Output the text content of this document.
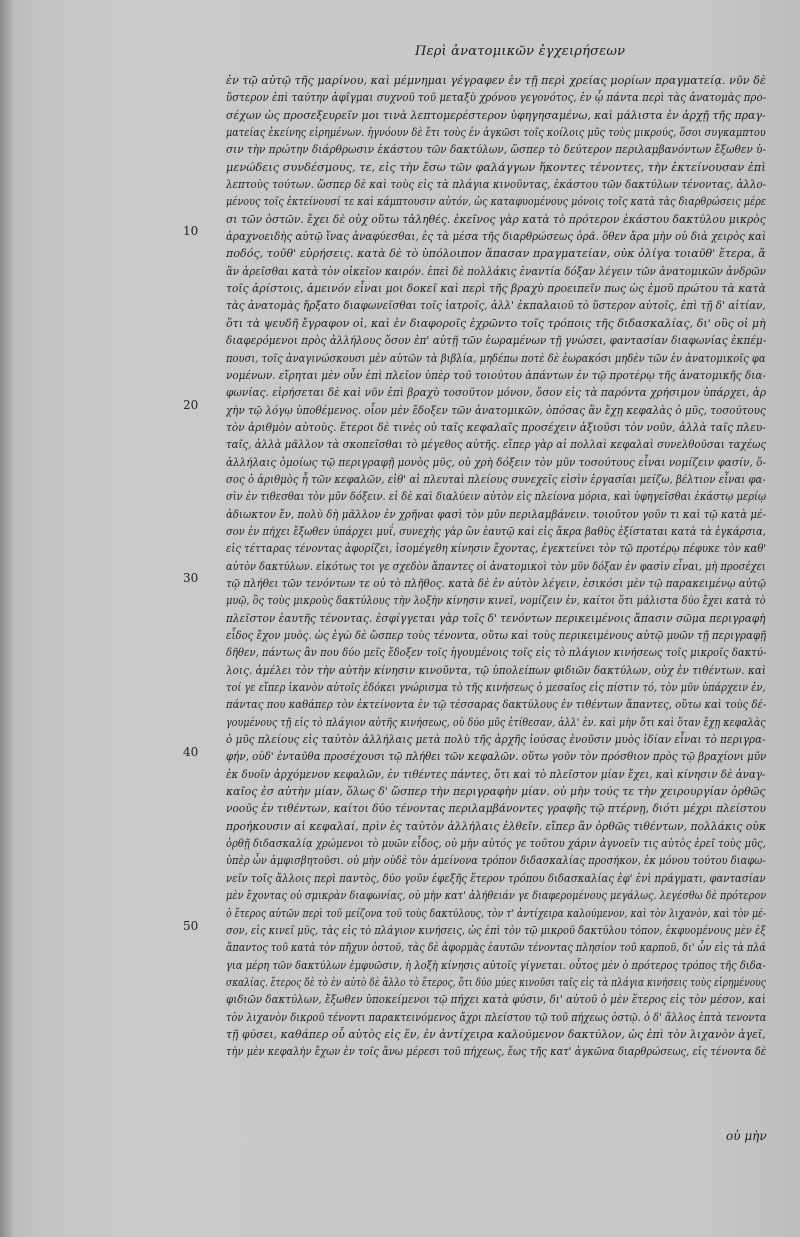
Περὶ ἀνατομικῶν ἐγχειρήσεων
10
20
30
40
50
ἐν τῷ αὐτῷ τῆς μαρίνου, καὶ μέμνημαι γέγραφεν ἐν τῇ περὶ χρείας μορίων πραγματείᾳ. νῦν δὲ
ὕστερον ἐπὶ ταύτην ἀφῖγμαι συχνοῦ τοῦ μεταξὺ χρόνου γεγονότος, ἐν ᾧ πάντα περὶ τὰς ἀνατομὰς προ-
σέχων ὡς προσεξευρεῖν μοι τινὰ λεπτομερέστερον ὑφηγησαμένω, καὶ μάλιστα ἐν ἀρχῇ τῆς πραγ-
ματείας ἐκείνης εἰρημένων. ἠγνόουν δὲ ἔτι τοὺς ἐν ἀγκῶσι τοῖς κοίλοις μῦς τοὺς μικρούς, ὅσοι συγκαμπτου
σιν τὴν πρώτην διάρθρωσιν ἑκάστου τῶν δακτύλων, ὥσπερ τὸ δεύτερον περιλαμβανόντων ἔξωθεν ὑ-
μενώδεις συνδέσμους, τε, εἰς τὴν ἔσω τῶν φαλάγγων ἥκοντες τένοντες, τὴν ἐκτείνουσαν ἐπὶ
λεπτοὺς τούτων. ὥσπερ δὲ καὶ τοὺς εἰς τὰ πλάγια κινοῦντας, ἑκάστου τῶν δακτύλων τένοντας, ἀλλο-
μένους τοῖς ἐκτείνουσί τε καὶ κάμπτουσιν αὐτόν, ὡς καταφυομένους μόνοις τοῖς κατὰ τὰς διαρθρώσεις μέρε
σι τῶν ὀστῶν. ἔχει δὲ οὐχ οὕτω τἀληθές. ἐκεῖνος γὰρ κατὰ τὸ πρότερον ἑκάστου δακτύλου μικρὸς
ἀραχνοειδὴς αὐτῷ ἴνας ἀναφύεσθαι, ἐς τὰ μέσα τῆς διαρθρώσεως ὁρᾶ. ὅθεν ἄρα μὴν οὐ διὰ χειρὸς καὶ
ποδός, τοῦθ' εὑρήσεις. κατὰ δὲ τὸ ὑπόλοιπον ἅπασαν πραγματείαν, οὐκ ὀλίγα τοιαῦθ' ἕτερα, ἅ
ἂν ἀρεῖσθαι κατὰ τὸν οἰκεῖον καιρόν. ἐπεὶ δὲ πολλάκις ἐναντία δόξαν λέγειν τῶν ἀνατομικῶν ἀνδρῶν
τοῖς ἀρίστοις, ἀμεινόν εἶναι μοι δοκεῖ καὶ περὶ τῆς βραχὺ προειπεῖν πως ὡς ἐμοῦ πρώτου τὰ κατὰ
τὰς ἀνατομὰς ἤρξατο διαφωνεῖσθαι τοῖς ἰατροῖς, ἀλλ' ἐκπαλαιοῦ τὸ ὕστερον αὐτοῖς, ἐπὶ τῇ δ' αἰτίαν,
ὅτι τὰ ψευδῆ ἔγραφον οἱ, καὶ ἐν διαφοροῖς ἐχρῶντο τοῖς τρόποις τῆς διδασκαλίας, δι' οὓς οἱ μὴ
διαφερόμενοι πρὸς ἀλλήλους ὅσον ἐπ' αὐτῇ τῶν ἑωραμένων τῇ γνώσει, φαντασίαν διαφωνίας ἐκπέμ-
πουσι, τοῖς ἀναγινώσκουσι μὲν αὐτῶν τὰ βιβλία, μηδέπω ποτὲ δὲ ἑωρακόσι μηδὲν τῶν ἐν ἀνατομικοῖς φα
νομένων. εἴρηται μὲν οὖν ἐπὶ πλεῖον ὑπὲρ τοῦ τοιούτου ἁπάντων ἐν τῷ προτέρῳ τῆς ἀνατομικῆς δια-
φωνίας. εἰρήσεται δὲ καὶ νῦν ἐπὶ βραχὺ τοσοῦτον μόνον, ὅσον εἰς τὰ παρόντα χρήσιμον ὑπάρχει, ἀρ
χὴν τῷ λόγῳ ὑποθέμενος. οἷον μὲν ἔδοξεν τῶν ἀνατομικῶν, ὁπόσας ἂν ἔχῃ κεφαλὰς ὁ μῦς, τοσούτους
τὸν ἀριθμὸν αὐτοὺς. ἕτεροι δὲ τινὲς οὐ ταῖς κεφαλαῖς προσέχειν ἀξιοῦσι τὸν νοῦν, ἀλλὰ ταῖς πλευ-
ταῖς, ἀλλὰ μᾶλλον τὰ σκοπεῖσθαι τὸ μέγεθος αὐτῆς. εἴπερ γὰρ αἱ πολλαὶ κεφαλαὶ συνελθοῦσαι ταχέως
ἀλλήλαις ὁμοίως τῷ περιγραφῇ μονὸς μῦς, οὐ χρὴ δόξειν τὸν μῦν τοσούτους εἶναι νομίζειν φασίν, ὅ-
σος ὁ ἀριθμὸς ἦ τῶν κεφαλῶν, εἰθ' αἱ πλευταὶ πλείους συνεχεῖς εἰσὶν ἐργασίαι μείζω, βέλτιον εἶναι φα-
σὶν ἐν τιθεσθαι τὸν μῦν δόξειν. εἰ δὲ καὶ διαλύειν αὐτὸν εἰς πλείονα μόρια, καὶ ὑφηγεῖσθαι ἑκάστῳ μερίῳ
ἀδιωκτον ἔν, πολὺ δὴ μᾶλλον ἐν χρῆναι φασὶ τὸν μῦν περιλαμβάνειν. τοιοῦτον γοῦν τι καὶ τῷ κατὰ μέ-
σον ἐν πήχει ἔξωθεν ὑπάρχει μυΐ, συνεχὴς γὰρ ὢν ἑαυτῷ καὶ εἰς ἄκρα βαθὺς ἐξίσταται κατὰ τὰ ἐγκάρσια,
εἰς τέτταρας τένοντας ἀφορίζει, ἰσομέγεθη κίνησιν ἔχοντας, ἐγεκτείνει τὸν τῷ προτέρῳ πέφυκε τὸν καθ'
αὐτὸν δακτύλων. εἰκότως τοι γε σχεδὸν ἅπαντες οἱ ἀνατομικοὶ τὸν μῦν δόξαν ἐν φασὶν εἶναι, μὴ προσέχει
τῷ πλήθει τῶν τενόντων τε οὐ τὸ πλῆθος. κατὰ δὲ ἐν αὐτὸν λέγειν, ἐσικόσι μὲν τῷ παρακειμένῳ αὐτῷ
μυῷ, ὃς τοὺς μικροὺς δακτύλους τὴν λοξὴν κίνησιν κινεῖ, νομίζειν ἐν, καίτοι ὅτι μάλιστα δύο ἔχει κατὰ τὸ
πλεῖστον ἑαυτῆς τένοντας. ἐσφίγγεται γὰρ τοῖς δ' τενόντων περικειμένοις ἅπασιν σῶμα περιγραφὴ
εἶδος ἔχον μυὸς. ὡς ἐγὼ δὲ ὥσπερ τοὺς τένοντα, οὕτω καὶ τοὺς περικειμένους αὐτῷ μυῶν τῇ περιγραφῇ
δῆθεν, πάντως ἂν που δύο μεῖς ἔδοξεν τοῖς ἡγουμένοις τοῖς εἰς τὸ πλάγιον κινήσεως τοῖς μικροῖς δακτύ-
λοις. ἀμέλει τὸν τὴν αὐτὴν κίνησιν κινοῦντα, τῷ ὑπολείπων φιδιῶν δακτύλων, οὐχ ἐν τιθέντων. καὶ
τοί γε εἴπερ ἱκανὸν αὐτοῖς ἐδόκει γνώρισμα τὸ τῆς κινήσεως ὁ μεσαῖος εἰς πίστιν τό, τὸν μῦν ὑπάρχειν ἐν,
πάντας που καθάπερ τὸν ἐκτείνοντα ἐν τῷ τέσσαρας δακτύλους ἐν τιθέντων ἅπαντες, οὕτω καὶ τοὺς δέ-
γουμένους τῇ εἰς τὸ πλάγιον αὐτῆς κινήσεως, οὐ δύο μῦς ἐτίθεσαν, ἀλλ' ἐν. καὶ μὴν ὅτι καὶ ὅταν ἔχῃ κεφαλὰς
ὁ μῦς πλείους εἰς ταὐτὸν ἀλλήλαις μετὰ πολὺ τῆς ἀρχῆς ἰούσας ἐνοῦσιν μυὸς ἰδίαν εἶναι τὸ περιγρα-
φήν, οὐδ' ἐνταῦθα προσέχουσι τῷ πλήθει τῶν κεφαλῶν. οὕτω γοῦν τὸν πρόσθιον πρὸς τῷ βραχίονι μῦν
ἐκ δυοῖν ἀρχόμενον κεφαλῶν, ἐν τιθέντες πάντες, ὅτι καὶ τὸ πλεῖστον μίαν ἔχει, καὶ κίνησιν δὲ ἀναγ-
καῖος ἐσ αὐτὴν μίαν, ὅλως δ' ὥσπερ τὴν περιγραφὴν μίαν. οὐ μὴν τούς τε τὴν χειρουργίαν ὀρθῶς
νοοῦς ἐν τιθέντων, καίτοι δύο τένοντας περιλαμβάνοντες γραφῆς τῷ πτέρνῃ, διότι μέχρι πλείστου
προήκουσιν αἱ κεφαλαί, πρὶν ἐς ταὐτὸν ἀλλήλαις ἐλθεῖν. εἴπερ ἂν ὀρθῶς τιθέντων, πολλάκις οὐκ
ὀρθῇ διδασκαλίᾳ χρώμενοι τὸ μυῶν εἶδος, οὐ μὴν αὐτός γε τοῦτου χάριν ἀγνοεῖν τις αὐτὸς ἐρεῖ τοὺς μῦς,
ὑπὲρ ὧν ἀμφισβητοῦσι. οὐ μὴν οὐδὲ τὸν ἀμείνονα τρόπον διδασκαλίας προσήκον, ἐκ μόνου τούτου διαφω-
νεῖν τοῖς ἄλλοις περὶ παντὸς, δύο γοῦν ἐφεξῆς ἕτερον τρόπου διδασκαλίας ἐφ' ἑνὶ πράγματι, φαντασίαν
μὲν ἔχοντας οὐ σμικρὰν διαφωνίας, οὐ μὴν κατ' ἀλήθειάν γε διαφερομένους μεγάλως. λεγέσθω δὲ πρότερον
ὁ ἕτερος αὐτῶν περὶ τοῦ μείζονα τοῦ τοὺς δακτύλους, τὸν τ' ἀντίχειρα καλούμενον, καὶ τὸν λιχανὸν, καὶ τὸν μέ-
σον, εἰς κινεῖ μῦς, τὰς εἰς τὸ πλάγιον κινήσεις, ὡς ἐπὶ τὸν τῷ μικροῦ δακτύλου τόπον, ἐκφυομένους μὲν ἐξ
ἅπαντος τοῦ κατὰ τὸν πῆχυν ὀστοῦ, τὰς δὲ ἀφορμὰς ἑαυτῶν τένοντας πλησίον τοῦ καρποῦ, δι' ὧν εἰς τὰ πλά
για μέρη τῶν δακτύλων ἐμφυῶσιν, ἡ λοξὴ κίνησις αὐτοῖς γίγνεται. οὗτος μὲν ὁ πρότερος τρόπος τῆς διδα-
σκαλίας. ἕτερος δὲ τὸ ἐν αὐτὸ δὲ ἄλλο τὸ ἕτερος, ὅτι δύο μύες κινοῦσι ταῖς εἰς τὰ πλάγια κινήσεις τοὺς εἰρημένους
φιδιῶν δακτύλων, ἔξωθεν ὑποκείμενοι τῷ πήχει κατὰ φύσιν, δι' αὐτοῦ ὁ μὲν ἕτερος εἰς τὸν μέσον, καὶ
τὸν λιχανὸν δικροῦ τένοντι παρακτεινόμενος ἄχρι πλείστου τῷ τοῦ πήχεως ὀστῷ. ὁ δ' ἄλλος ἑπτὰ τενοντα
τῇ φύσει, καθάπερ οὗ αὐτὸς εἰς ἕν, ἐν ἀντίχειρα καλούμενον δακτύλον, ὡς ἐπὶ τὸν λιχανὸν ἀγεῖ,
τὴν μὲν κεφαλὴν ἔχων ἐν τοῖς ἄνω μέρεσι τοῦ πήχεως, ἕως τῆς κατ' ἀγκῶνα διαρθρώσεως, εἰς τένοντα δὲ
οὐ μὴν
